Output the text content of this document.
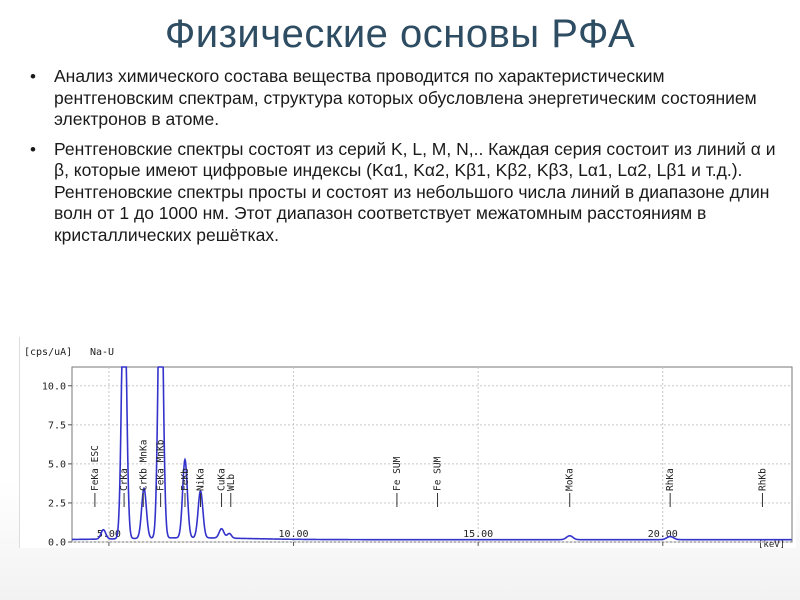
Физические основы РФА
• Анализ химического состава вещества проводится по характеристическим рентгеновским спектрам, структура которых обусловлена энергетическим состоянием электронов в атоме.
• Рентгеновские спектры состоят из серий K, L, M, N,.. Каждая серия состоит из линий α и β, которые имеют цифровые индексы (Kα1, Kα2, Kβ1, Kβ2, Kβ3, Lα1, Lα2, Lβ1 и т.д.). Рентгеновские спектры просты и состоят из небольшого числа линий в диапазоне длин волн от 1 до 1000 нм. Этот диапазон соответствует межатомным расстояниям в кристаллических решётках.
[cps/uA] Na-U
[keV]
0.0
2.5
5.0
7.5
10.0
5.00	10.00	15.00	20.00
FeKa ESC CrKa CrKb MnKa FeKa MnKb FeKb NiKa CuKa
WLb	Fe SUM	Fe SUM	MoKa	RhKa	RhKb
